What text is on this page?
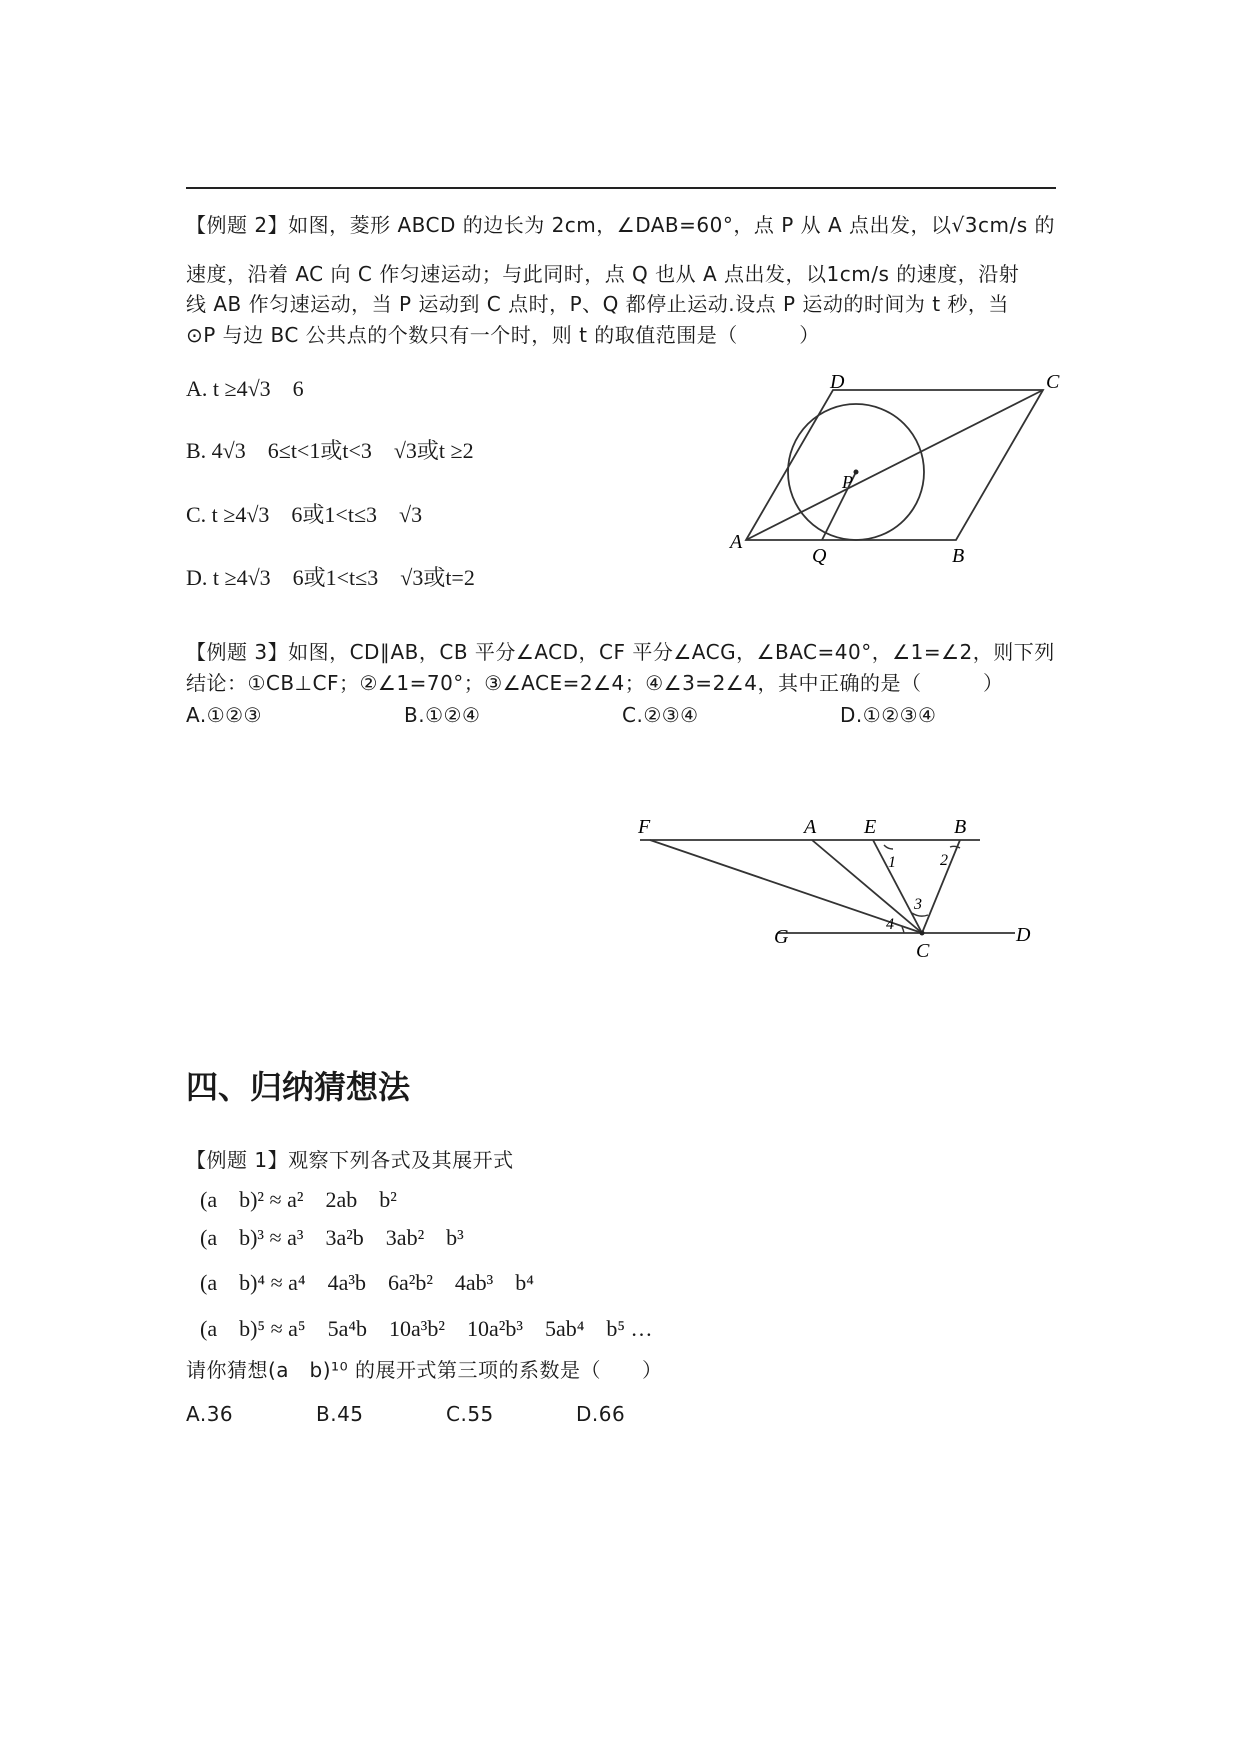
【例题 2】如图，菱形 ABCD 的边长为 2cm，∠DAB=60°，点 P 从 A 点出发，以√3cm/s 的
速度，沿着 AC 向 C 作匀速运动；与此同时，点 Q 也从 A 点出发，以1cm/s 的速度，沿射
线 AB 作匀速运动，当 P 运动到 C 点时，P、Q 都停止运动.设点 P 运动的时间为 t 秒，当
⊙P 与边 BC 公共点的个数只有一个时，则 t 的取值范围是（　　　）
A. t ≥4√3　6
B. 4√3　6≤t<1或t<3　√3或t ≥2
C. t ≥4√3　6或1<t≤3　√3
D. t ≥4√3　6或1<t≤3　√3或t=2
D	C
A
Q	B
P
【例题 3】如图，CD∥AB，CB 平分∠ACD，CF 平分∠ACG，∠BAC=40°，∠1=∠2，则下列
结论：①CB⊥CF；②∠1=70°；③∠ACE=2∠4；④∠3=2∠4，其中正确的是（　　　）
A.①②③	B.①②④	C.②③④	D.①②③④
F	A E	B
1	2
3
4
G
C
D
四、归纳猜想法
【例题 1】观察下列各式及其展开式
(a　b)² ≈ a²　2ab　b²
(a　b)³ ≈ a³　3a²b　3ab²　b³
(a　b)⁴ ≈ a⁴　4a³b　6a²b²　4ab³　b⁴
(a　b)⁵ ≈ a⁵　5a⁴b　10a³b²　10a²b³　5ab⁴　b⁵ …
请你猜想(a　b)¹⁰ 的展开式第三项的系数是（　　）
A.36	B.45	C.55	D.66
